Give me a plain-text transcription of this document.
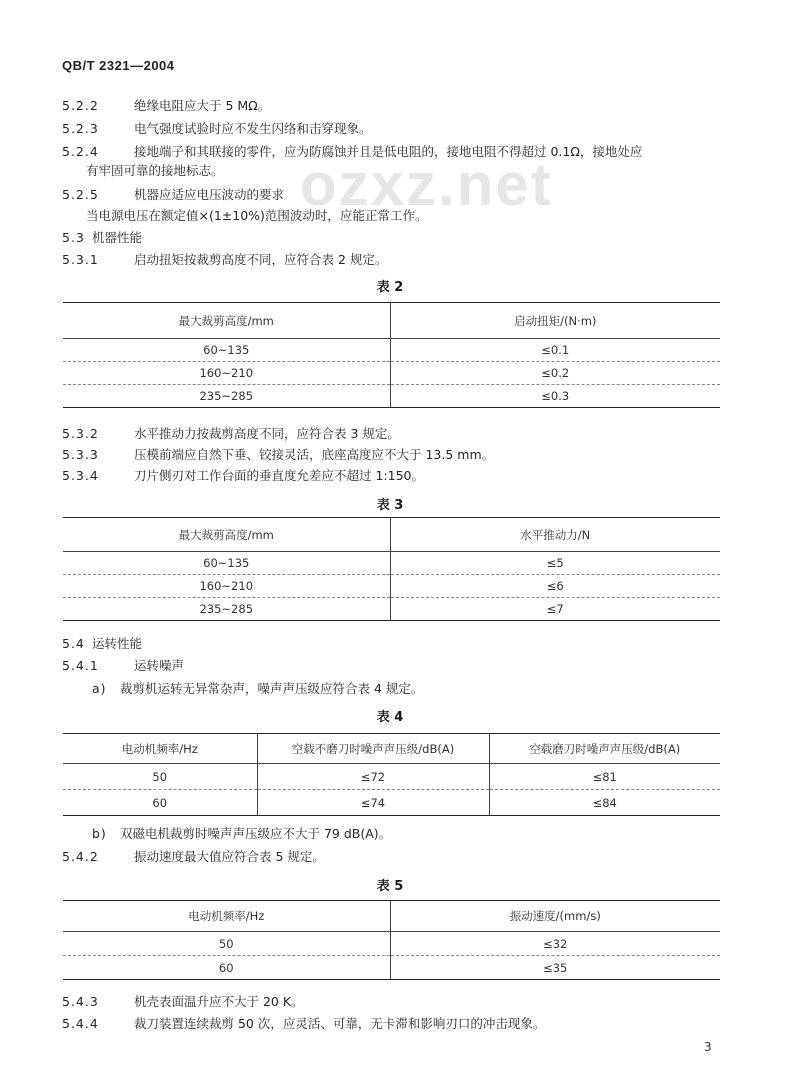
QB/T 2321—2004
ozxz.net
5.2.2	绝缘电阻应大于 5 MΩ。
5.2.3	电气强度试验时应不发生闪络和击穿现象。
5.2.4	接地端子和其联接的零件，应为防腐蚀并且是低电阻的，接地电阻不得超过 0.1Ω，接地处应
有牢固可靠的接地标志。
5.2.5	机器应适应电压波动的要求
当电源电压在额定值×(1±10%)范围波动时，应能正常工作。
5.3 机器性能
5.3.1	启动扭矩按裁剪高度不同，应符合表 2 规定。
表 2
最大裁剪高度/mm	启动扭矩/(N·m)
60~135	≤0.1
160~210	≤0.2
235~285	≤0.3
5.3.2	水平推动力按裁剪高度不同，应符合表 3 规定。
5.3.3	压模前端应自然下垂、铰接灵活，底座高度应不大于 13.5 mm。
5.3.4	刀片侧刃对工作台面的垂直度允差应不超过 1:150。
表 3
最大裁剪高度/mm	水平推动力/N
60~135	≤5
160~210	≤6
235~285	≤7
5.4 运转性能
5.4.1	运转噪声
a) 裁剪机运转无异常杂声，噪声声压级应符合表 4 规定。
表 4
电动机频率/Hz	空载不磨刀时噪声声压级/dB(A)	空载磨刀时噪声声压级/dB(A)
50	≤72	≤81
60	≤74	≤84
b) 双磁电机裁剪时噪声声压级应不大于 79 dB(A)。
5.4.2	振动速度最大值应符合表 5 规定。
表 5
电动机频率/Hz	振动速度/(mm/s)
50	≤32
60	≤35
5.4.3	机壳表面温升应不大于 20 K。
5.4.4	裁刀装置连续裁剪 50 次，应灵活、可靠，无卡滞和影响刃口的冲击现象。
3
